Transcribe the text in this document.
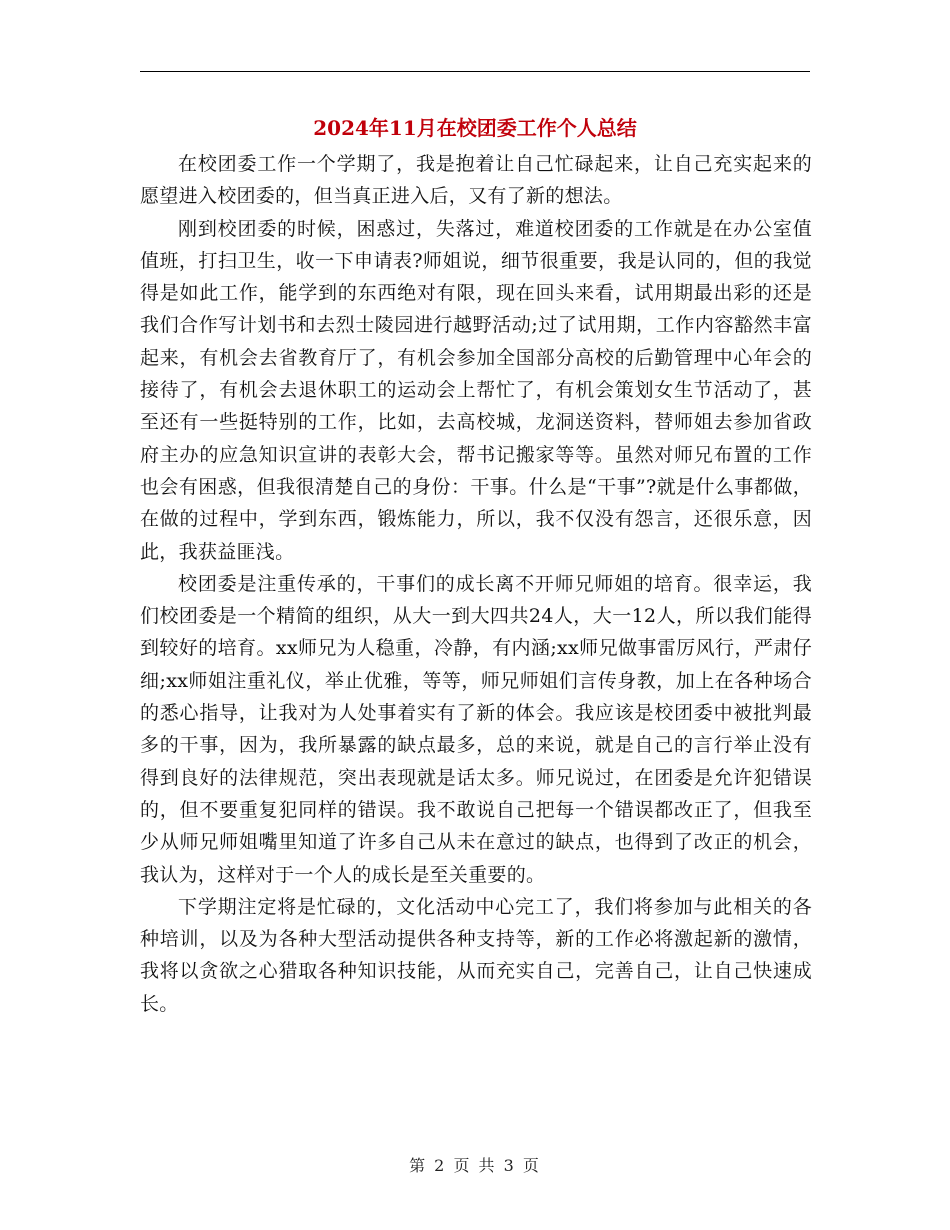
2024年11月在校团委工作个人总结

在校团委工作一个学期了，我是抱着让自己忙碌起来，让自己充实起来的愿望进入校团委的，但当真正进入后，又有了新的想法。

刚到校团委的时候，困惑过，失落过，难道校团委的工作就是在办公室值值班，打扫卫生，收一下申请表?师姐说，细节很重要，我是认同的，但的我觉得是如此工作，能学到的东西绝对有限，现在回头来看，试用期最出彩的还是我们合作写计划书和去烈士陵园进行越野活动;过了试用期，工作内容豁然丰富起来，有机会去省教育厅了，有机会参加全国部分高校的后勤管理中心年会的接待了，有机会去退休职工的运动会上帮忙了，有机会策划女生节活动了，甚至还有一些挺特别的工作，比如，去高校城，龙洞送资料，替师姐去参加省政府主办的应急知识宣讲的表彰大会，帮书记搬家等等。虽然对师兄布置的工作也会有困惑，但我很清楚自己的身份：干事。什么是“干事”?就是什么事都做，在做的过程中，学到东西，锻炼能力，所以，我不仅没有怨言，还很乐意，因此，我获益匪浅。

校团委是注重传承的，干事们的成长离不开师兄师姐的培育。很幸运，我们校团委是一个精简的组织，从大一到大四共24人，大一12人，所以我们能得到较好的培育。xx师兄为人稳重，冷静，有内涵;xx师兄做事雷厉风行，严肃仔细;xx师姐注重礼仪，举止优雅，等等，师兄师姐们言传身教，加上在各种场合的悉心指导，让我对为人处事着实有了新的体会。我应该是校团委中被批判最多的干事，因为，我所暴露的缺点最多，总的来说，就是自己的言行举止没有得到良好的法律规范，突出表现就是话太多。师兄说过，在团委是允许犯错误的，但不要重复犯同样的错误。我不敢说自己把每一个错误都改正了，但我至少从师兄师姐嘴里知道了许多自己从未在意过的缺点，也得到了改正的机会，我认为，这样对于一个人的成长是至关重要的。

下学期注定将是忙碌的，文化活动中心完工了，我们将参加与此相关的各种培训，以及为各种大型活动提供各种支持等，新的工作必将激起新的激情，我将以贪欲之心猎取各种知识技能，从而充实自己，完善自己，让自己快速成长。

第 2 页 共 3 页
